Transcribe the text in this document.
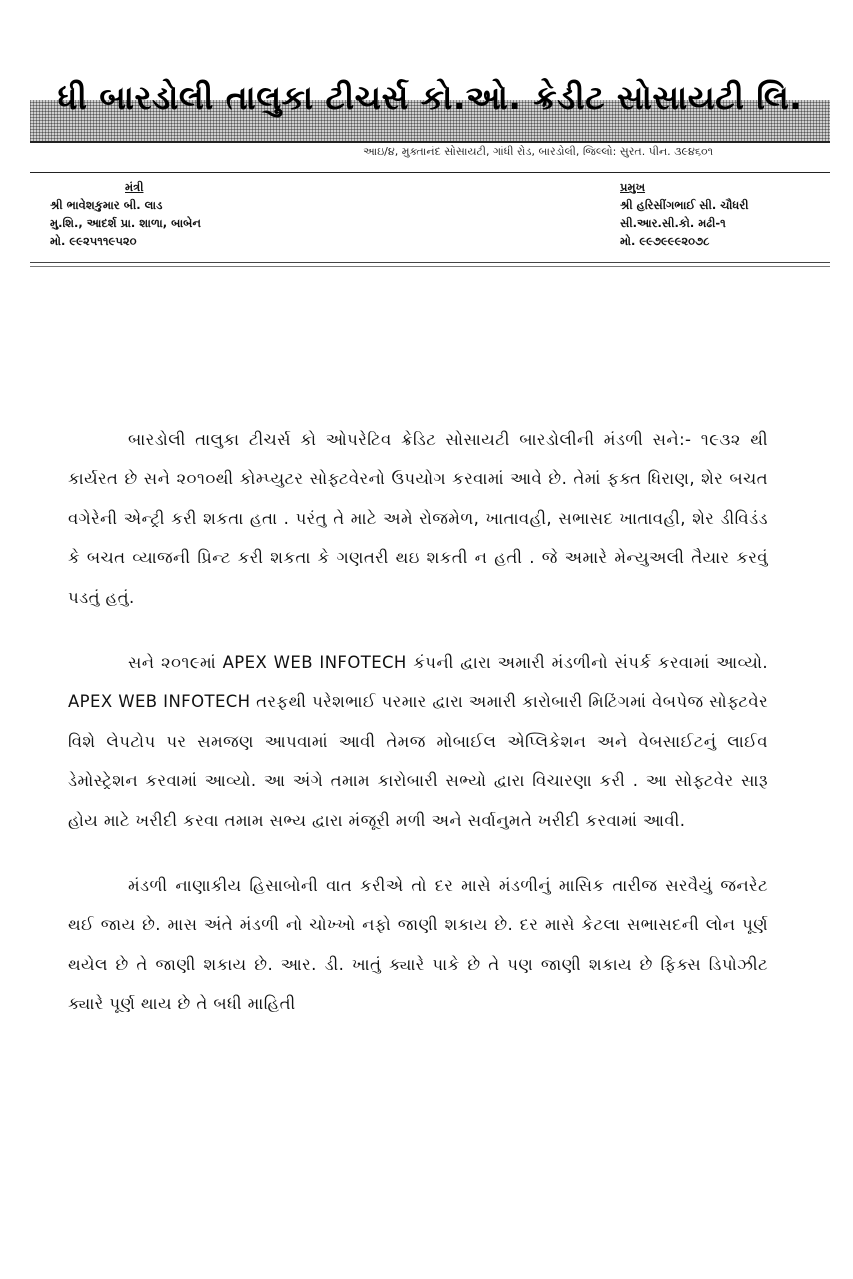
ધી બારડોલી તાલુકા ટીચર્સ કો.ઓ. ક્રેડીટ સોસાયટી લિ.
આઇ/૪, મુક્તાનંદ સોસાયટી, ગાંધી રોડ, બારડોલી, જિલ્લો: સુરત. પીન. ૩૯૪૬૦૧
મંત્રી
શ્રી ભાવેશકુમાર બી. લાડ
મુ.શિ., આદર્શ પ્રા. શાળા, બાબેન
મો. ૯૯૨૫૧૧૯૫૨૦
પ્રમુખ
શ્રી હરિસીંગભાઈ સી. ચૌધરી
સી.આર.સી.કો. મઢી-૧
મો. ૯૯૭૯૯૯૨૦૭૮

બારડોલી તાલુકા ટીચર્સ કો ઓપરેટિવ ક્રેડિટ સોસાયટી બારડોલીની મંડળી સને:- ૧૯૩૨ થી કાર્યરત છે સને ૨૦૧૦થી કોમ્પ્યુટર સોફ્ટવેરનો ઉપયોગ કરવામાં આવે છે. તેમાં ફક્ત ધિરાણ, શેર બચત વગેરેની એન્ટ્રી કરી શકતા હતા . પરંતુ તે માટે અમે રોજમેળ, ખાતાવહી, સભાસદ ખાતાવહી, શેર ડીવિડંડ કે બચત વ્યાજની પ્રિન્ટ કરી શકતા કે ગણતરી થઇ શકતી ન હતી . જે અમારે મેન્યુઅલી તૈયાર કરવું પડતું હતું.

સને ૨૦૧૯માં APEX WEB INFOTECH કંપની દ્વારા અમારી મંડળીનો સંપર્ક કરવામાં આવ્યો. APEX WEB INFOTECH તરફથી પરેશભાઈ પરમાર દ્વારા અમારી કારોબારી મિટિંગમાં વેબપેજ સોફ્ટવેર વિશે લેપટોપ પર સમજણ આપવામાં આવી તેમજ મોબાઈલ એપ્લિકેશન અને વેબસાઈટનું લાઈવ ડેમોસ્ટ્રેશન કરવામાં આવ્યો. આ અંગે તમામ કારોબારી સભ્યો દ્વારા વિચારણા કરી . આ સોફ્ટવેર સારૂ હોય માટે ખરીદી કરવા તમામ સભ્ય દ્વારા મંજૂરી મળી અને સર્વાનુમતે ખરીદી કરવામાં આવી.

મંડળી નાણાકીય હિસાબોની વાત કરીએ તો દર માસે મંડળીનું માસિક તારીજ સરવૈયું જનરેટ થઈ જાય છે. માસ અંતે મંડળી નો ચોખ્ખો નફો જાણી શકાય છે. દર માસે કેટલા સભાસદની લોન પૂર્ણ થયેલ છે તે જાણી શકાય છે. આર. ડી. ખાતું ક્યારે પાકે છે તે પણ જાણી શકાય છે ફિક્સ ડિપોઝીટ ક્યારે પૂર્ણ થાય છે તે બધી માહિતી
